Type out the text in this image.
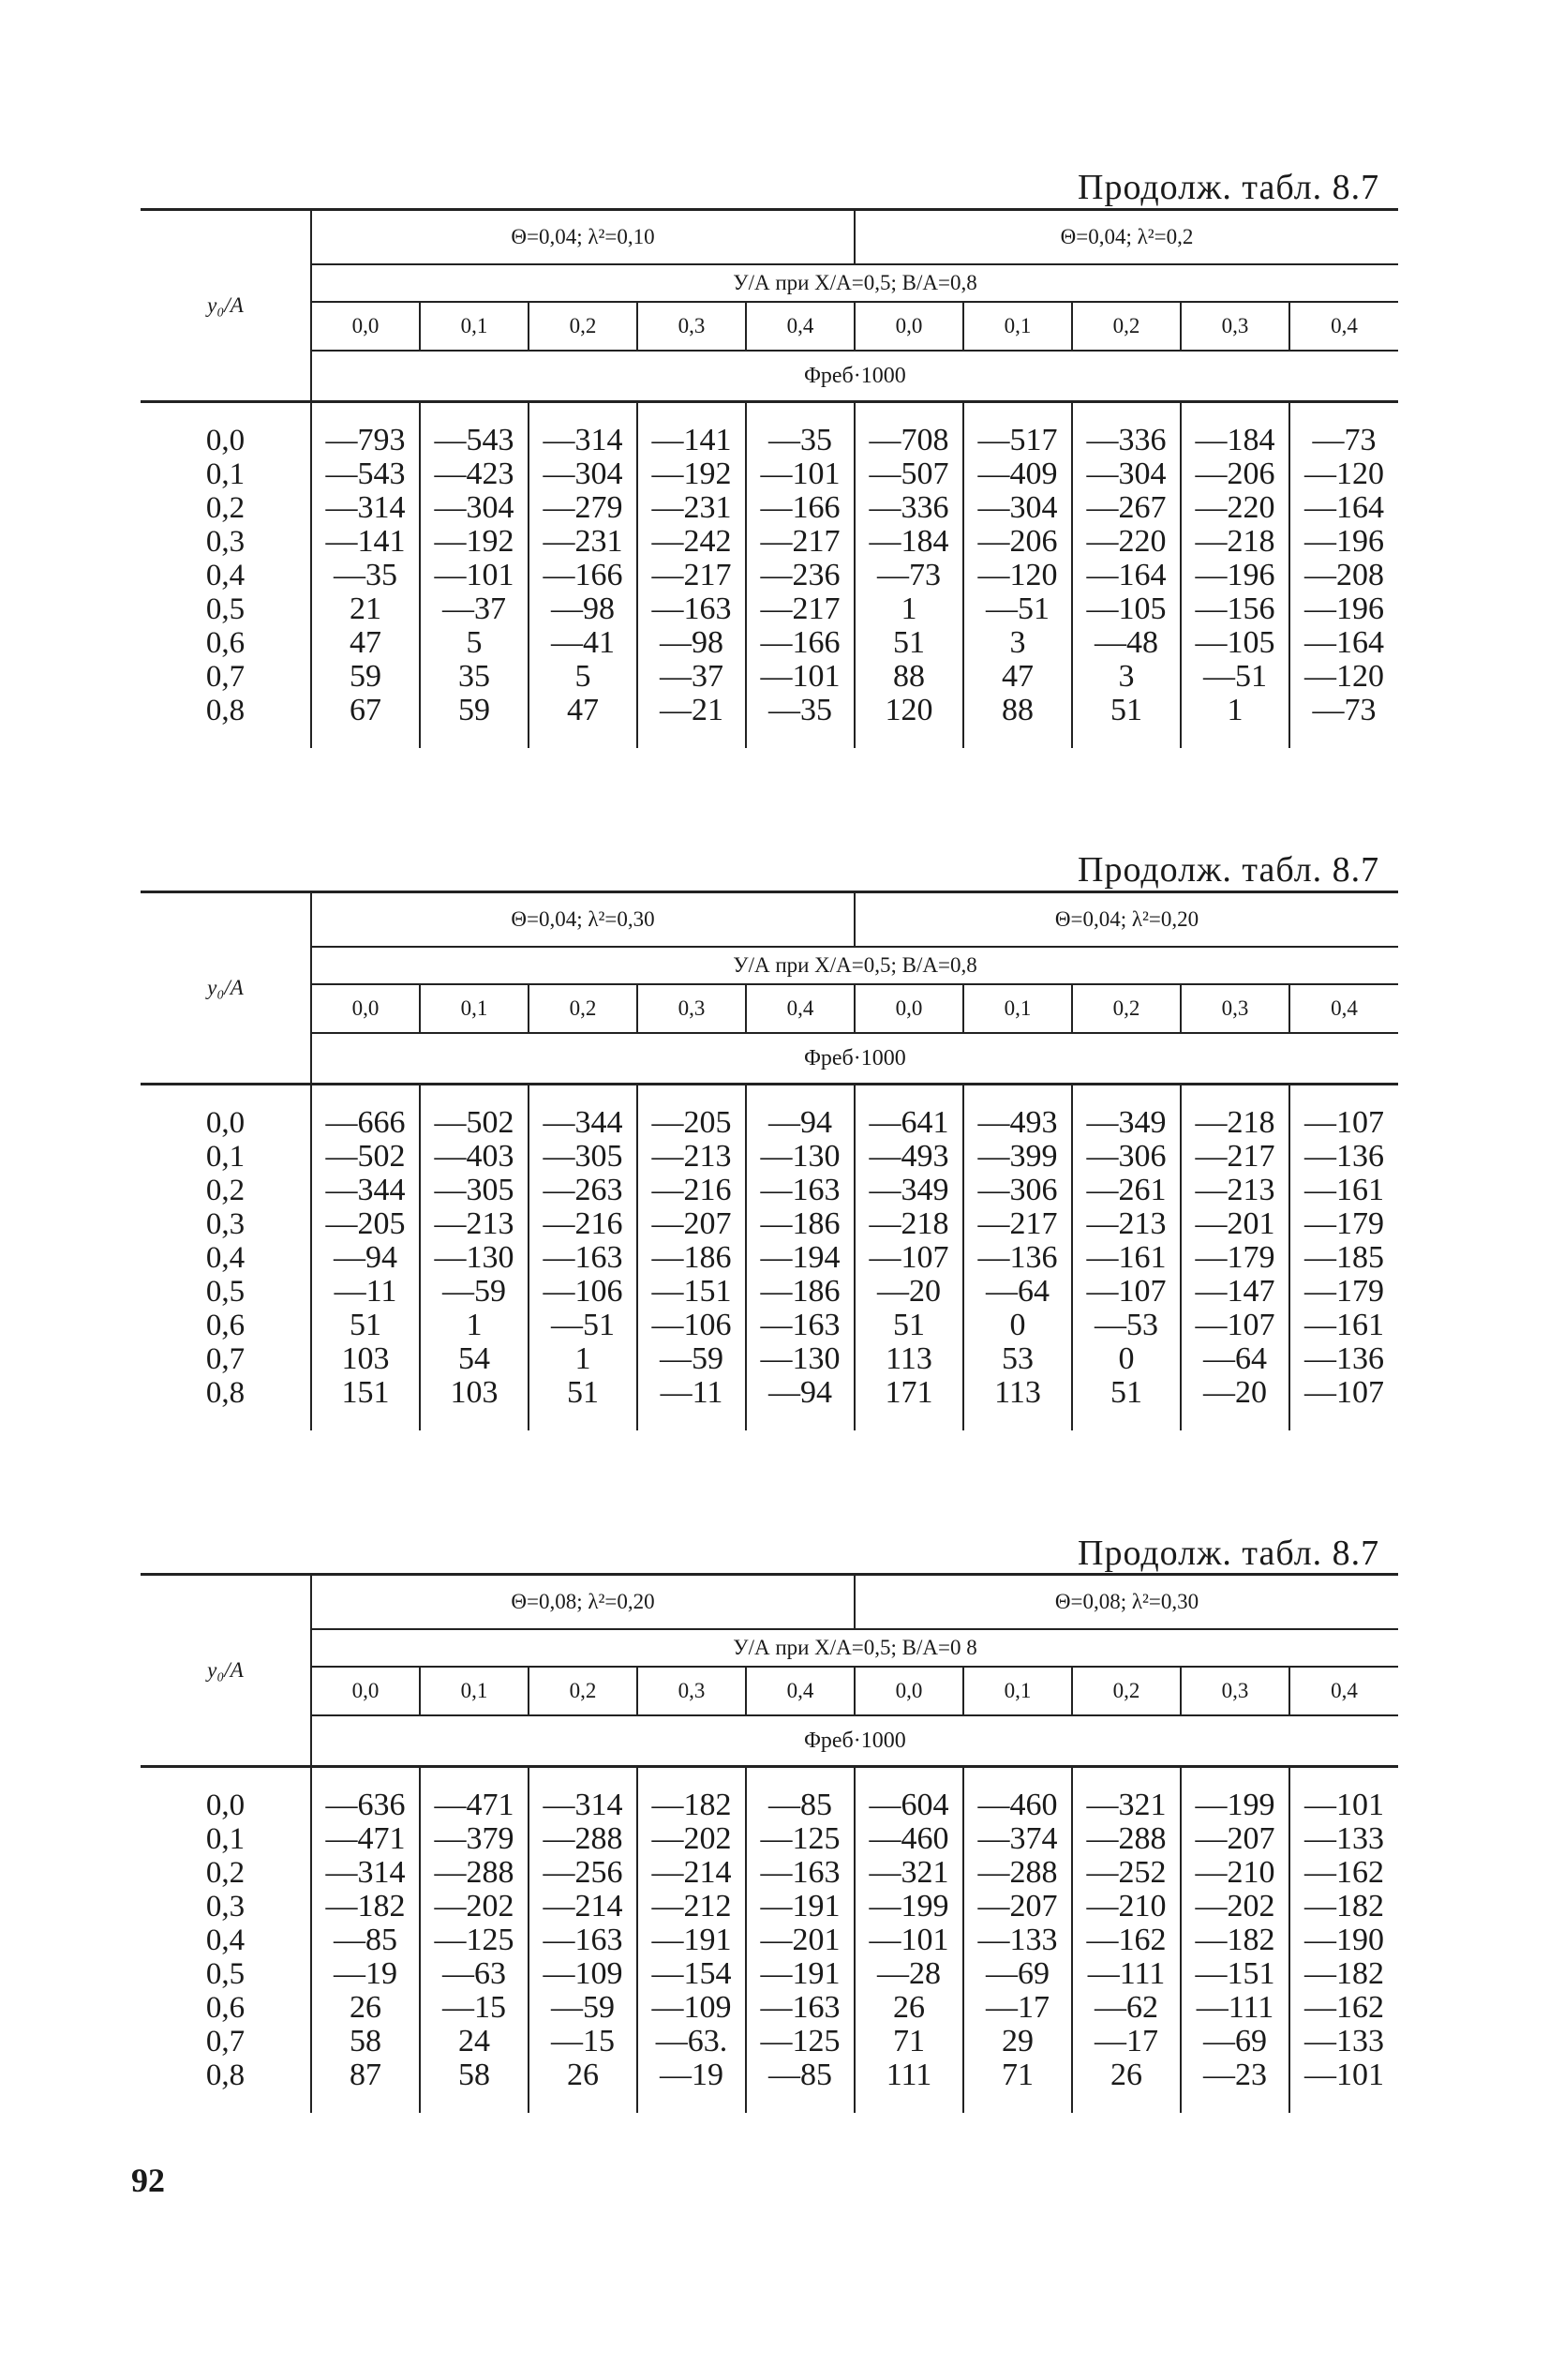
Продолж. табл. 8.7

y₀/A	Θ=0,04; λ²=0,10					Θ=0,04; λ²=0,2				
	У/А при X/A=0,5; B/A=0,8									
	0,0	0,1	0,2	0,3	0,4	0,0	0,1	0,2	0,3	0,4
	Φреб·1000									

0,0	—793	—543	—314	—141	—35	—708	—517	—336	—184	—73
0,1	—543	—423	—304	—192	—101	—507	—409	—304	—206	—120
0,2	—314	—304	—279	—231	—166	—336	—304	—267	—220	—164
0,3	—141	—192	—231	—242	—217	—184	—206	—220	—218	—196
0,4	—35	—101	—166	—217	—236	—73	—120	—164	—196	—208
0,5	21	—37	—98	—163	—217	1	—51	—105	—156	—196
0,6	47	5	—41	—98	—166	51	3	—48	—105	—164
0,7	59	35	5	—37	—101	88	47	3	—51	—120
0,8	67	59	47	—21	—35	120	88	51	1	—73
Продолж. табл. 8.7

y₀/A	Θ=0,04; λ²=0,30					Θ=0,04; λ²=0,20				
	У/А при X/A=0,5; B/A=0,8									
	0,0	0,1	0,2	0,3	0,4	0,0	0,1	0,2	0,3	0,4
	Φреб·1000									

0,0	—666	—502	—344	—205	—94	—641	—493	—349	—218	—107
0,1	—502	—403	—305	—213	—130	—493	—399	—306	—217	—136
0,2	—344	—305	—263	—216	—163	—349	—306	—261	—213	—161
0,3	—205	—213	—216	—207	—186	—218	—217	—213	—201	—179
0,4	—94	—130	—163	—186	—194	—107	—136	—161	—179	—185
0,5	—11	—59	—106	—151	—186	—20	—64	—107	—147	—179
0,6	51	1	—51	—106	—163	51	0	—53	—107	—161
0,7	103	54	1	—59	—130	113	53	0	—64	—136
0,8	151	103	51	—11	—94	171	113	51	—20	—107
Продолж. табл. 8.7

y₀/A	Θ=0,08; λ²=0,20					Θ=0,08; λ²=0,30				
	У/А при X/A=0,5; B/A=0 8									
	0,0	0,1	0,2	0,3	0,4	0,0	0,1	0,2	0,3	0,4
	Φреб·1000									

0,0	—636	—471	—314	—182	—85	—604	—460	—321	—199	—101
0,1	—471	—379	—288	—202	—125	—460	—374	—288	—207	—133
0,2	—314	—288	—256	—214	—163	—321	—288	—252	—210	—162
0,3	—182	—202	—214	—212	—191	—199	—207	—210	—202	—182
0,4	—85	—125	—163	—191	—201	—101	—133	—162	—182	—190
0,5	—19	—63	—109	—154	—191	—28	—69	—111	—151	—182
0,6	26	—15	—59	—109	—163	26	—17	—62	—111	—162
0,7	58	24	—15	—63.	—125	71	29	—17	—69	—133
0,8	87	58	26	—19	—85	111	71	26	—23	—101
92
